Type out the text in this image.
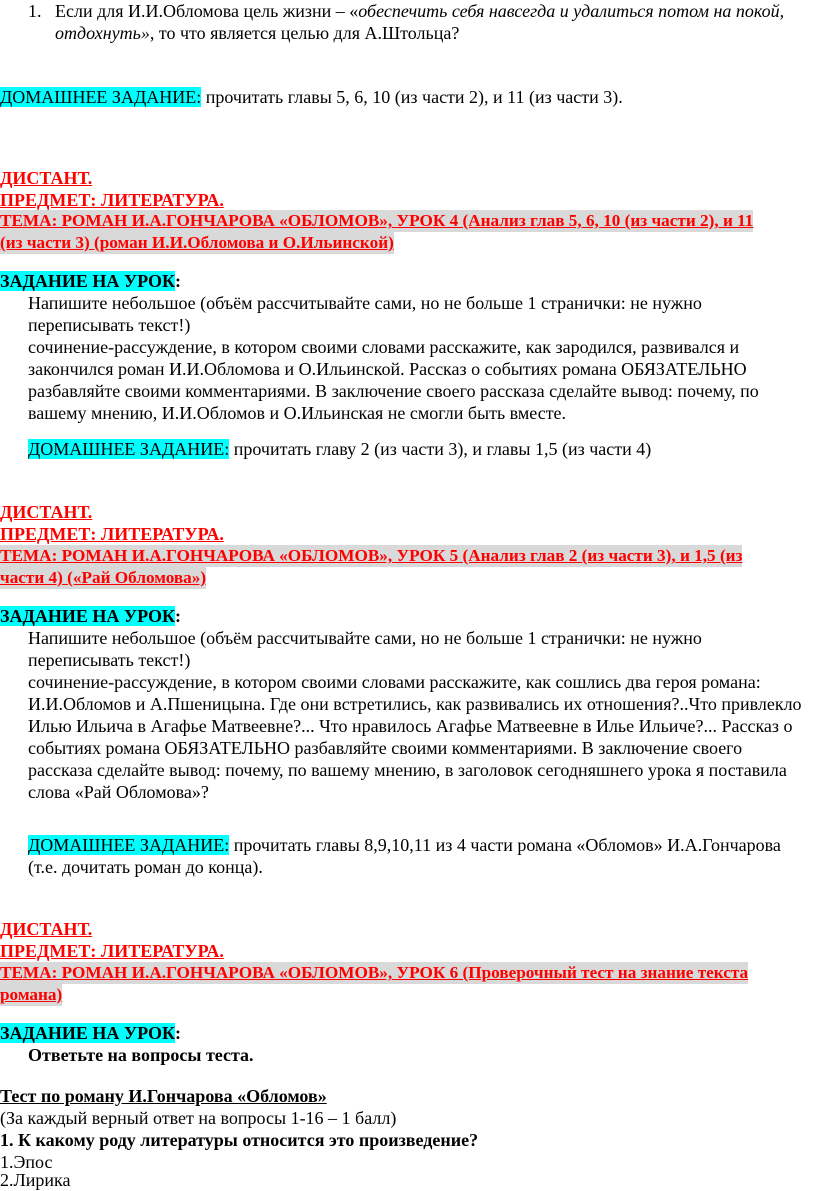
1. Если для И.И.Обломова цель жизни – «обеспечить себя навсегда и удалиться потом на покой,
отдохнуть», то что является целью для А.Штольца?
ДОМАШНЕЕ ЗАДАНИЕ: прочитать главы 5, 6, 10 (из части 2), и 11 (из части 3).
ДИСТАНТ.
ПРЕДМЕТ: ЛИТЕРАТУРА.
ТЕМА: РОМАН И.А.ГОНЧАРОВА «ОБЛОМОВ», УРОК 4 (Анализ глав 5, 6, 10 (из части 2), и 11
(из части 3) (роман И.И.Обломова и О.Ильинской)
ЗАДАНИЕ НА УРОК:
Напишите небольшое (объём рассчитывайте сами, но не больше 1 странички: не нужно
переписывать текст!)
сочинение-рассуждение, в котором своими словами расскажите, как зародился, развивался и
закончился роман И.И.Обломова и О.Ильинской. Рассказ о событиях романа ОБЯЗАТЕЛЬНО
разбавляйте своими комментариями. В заключение своего рассказа сделайте вывод: почему, по
вашему мнению, И.И.Обломов и О.Ильинская не смогли быть вместе.
ДОМАШНЕЕ ЗАДАНИЕ: прочитать главу 2 (из части 3), и главы 1,5 (из части 4)
ДИСТАНТ.
ПРЕДМЕТ: ЛИТЕРАТУРА.
ТЕМА: РОМАН И.А.ГОНЧАРОВА «ОБЛОМОВ», УРОК 5 (Анализ глав 2 (из части 3), и 1,5 (из
части 4) («Рай Обломова»)
ЗАДАНИЕ НА УРОК:
Напишите небольшое (объём рассчитывайте сами, но не больше 1 странички: не нужно
переписывать текст!)
сочинение-рассуждение, в котором своими словами расскажите, как сошлись два героя романа:
И.И.Обломов и А.Пшеницына. Где они встретились, как развивались их отношения?..Что привлекло
Илью Ильича в Агафье Матвеевне?... Что нравилось Агафье Матвеевне в Илье Ильиче?... Рассказ о
событиях романа ОБЯЗАТЕЛЬНО разбавляйте своими комментариями. В заключение своего
рассказа сделайте вывод: почему, по вашему мнению, в заголовок сегодняшнего урока я поставила
слова «Рай Обломова»?
ДОМАШНЕЕ ЗАДАНИЕ: прочитать главы 8,9,10,11 из 4 части романа «Обломов» И.А.Гончарова
(т.е. дочитать роман до конца).
ДИСТАНТ.
ПРЕДМЕТ: ЛИТЕРАТУРА.
ТЕМА: РОМАН И.А.ГОНЧАРОВА «ОБЛОМОВ», УРОК 6 (Проверочный тест на знание текста
романа)
ЗАДАНИЕ НА УРОК:
Ответьте на вопросы теста.
Тест по роману И.Гончарова «Обломов»
(За каждый верный ответ на вопросы 1-16 – 1 балл)
1. К какому роду литературы относится это произведение?
1.Эпос
2.Лирика
